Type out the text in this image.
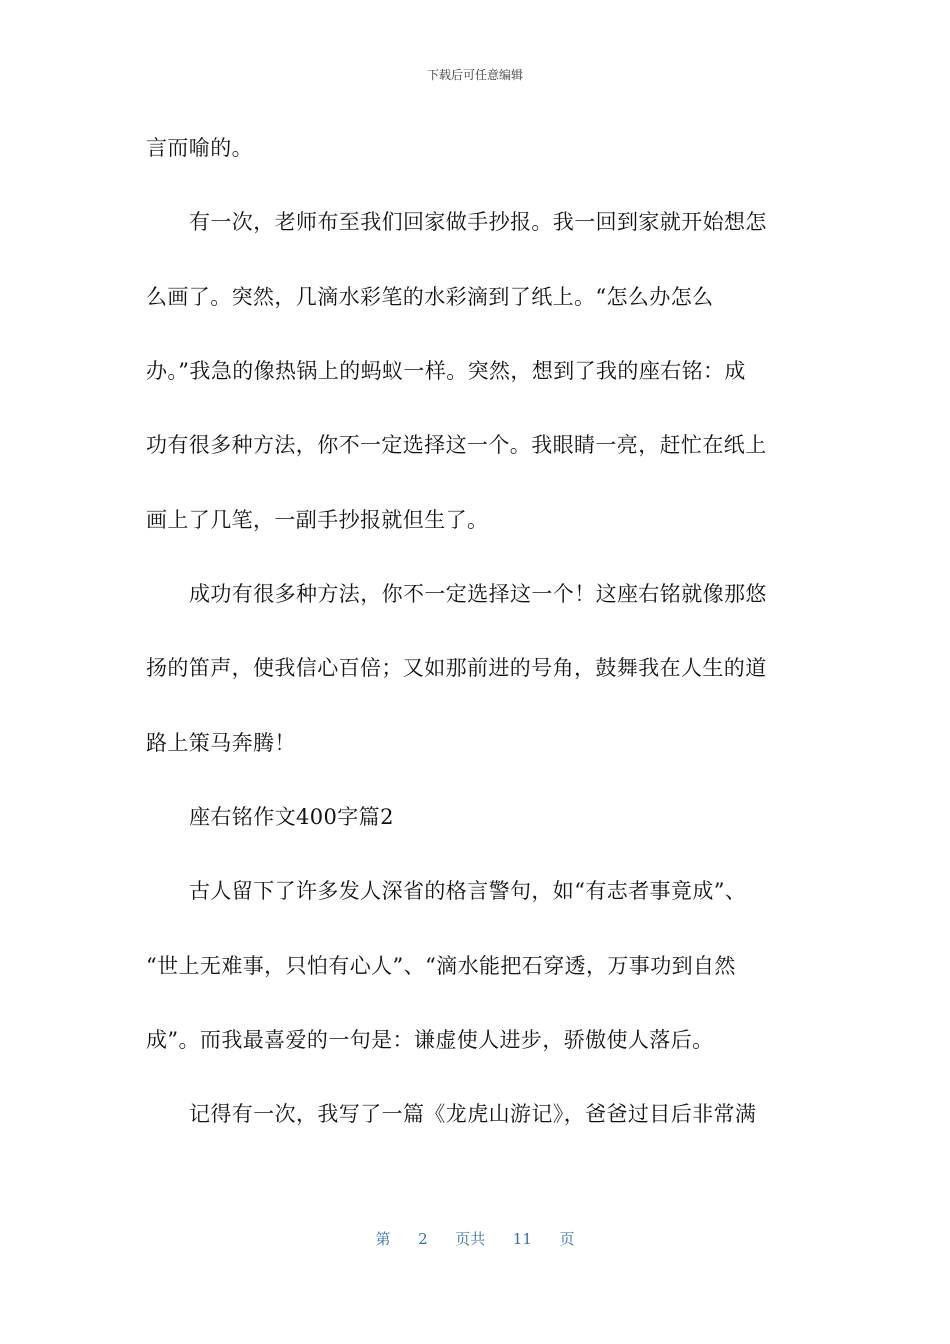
下载后可任意编辑
言而喻的。
有一次，老师布至我们回家做手抄报。我一回到家就开始想怎
么画了。突然，几滴水彩笔的水彩滴到了纸上。“怎么办怎么
办。”我急的像热锅上的蚂蚁一样。突然，想到了我的座右铭：成
功有很多种方法，你不一定选择这一个。我眼睛一亮，赶忙在纸上
画上了几笔，一副手抄报就但生了。
成功有很多种方法，你不一定选择这一个！这座右铭就像那悠
扬的笛声，使我信心百倍；又如那前进的号角，鼓舞我在人生的道
路上策马奔腾！
座右铭作文400字篇2
古人留下了许多发人深省的格言警句，如“有志者事竟成”、
“世上无难事，只怕有心人”、“滴水能把石穿透，万事功到自然
成”。而我最喜爱的一句是：谦虚使人进步，骄傲使人落后。
记得有一次，我写了一篇《龙虎山游记》，爸爸过目后非常满
第 2 页共 11 页
